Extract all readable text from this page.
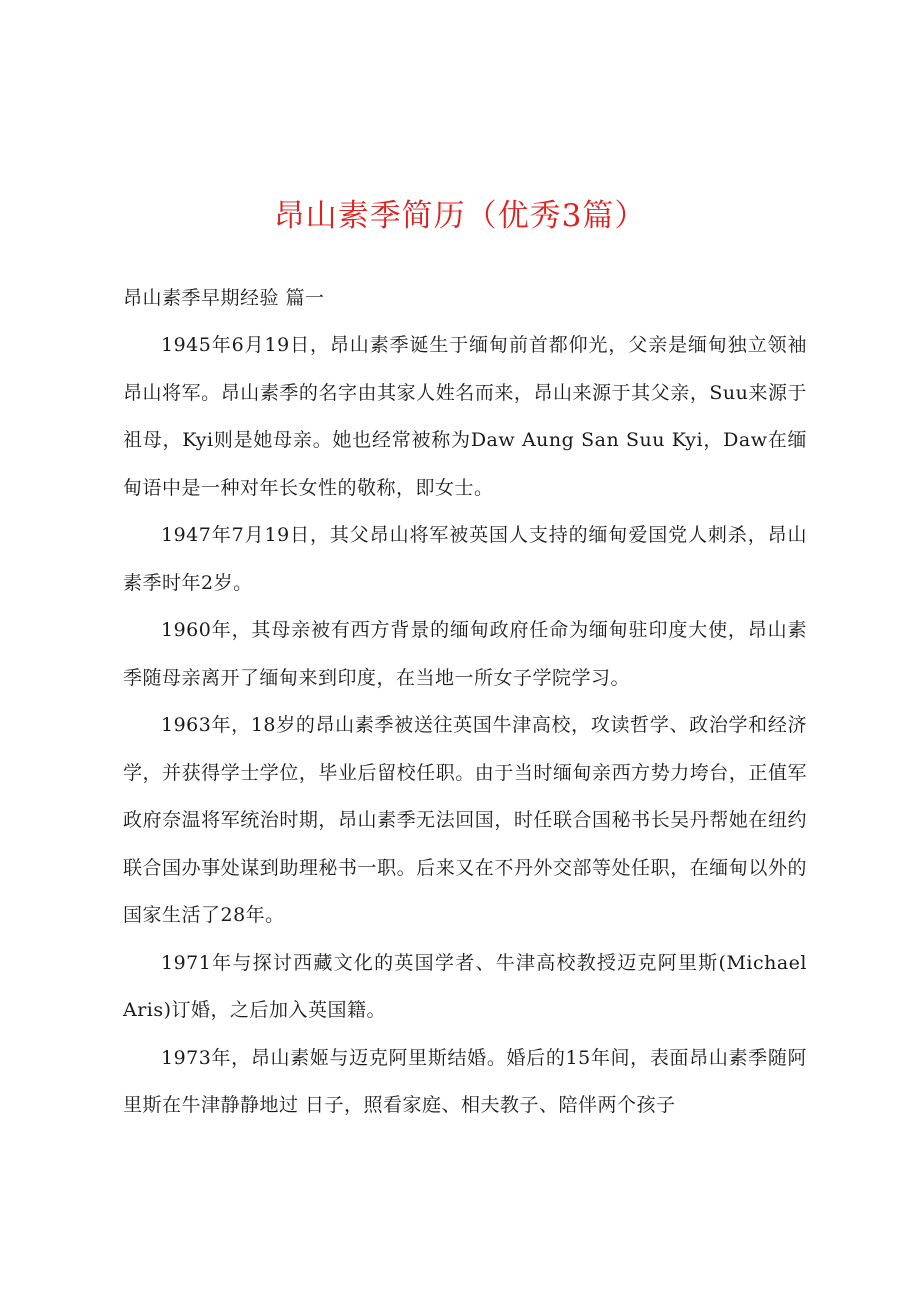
昂山素季简历（优秀3篇）
昂山素季早期经验 篇一

1945年6月19日，昂山素季诞生于缅甸前首都仰光，父亲是缅甸独立领袖昂山将军。昂山素季的名字由其家人姓名而来，昂山来源于其父亲，Suu来源于祖母，Kyi则是她母亲。她也经常被称为Daw Aung San Suu Kyi，Daw在缅甸语中是一种对年长女性的敬称，即女士。

1947年7月19日，其父昂山将军被英国人支持的缅甸爱国党人刺杀，昂山素季时年2岁。

1960年，其母亲被有西方背景的缅甸政府任命为缅甸驻印度大使，昂山素季随母亲离开了缅甸来到印度，在当地一所女子学院学习。

1963年，18岁的昂山素季被送往英国牛津高校，攻读哲学、政治学和经济学，并获得学士学位，毕业后留校任职。由于当时缅甸亲西方势力垮台，正值军政府奈温将军统治时期，昂山素季无法回国，时任联合国秘书长吴丹帮她在纽约联合国办事处谋到助理秘书一职。后来又在不丹外交部等处任职，在缅甸以外的国家生活了28年。

1971年与探讨西藏文化的英国学者、牛津高校教授迈克阿里斯(Michael Aris)订婚，之后加入英国籍。

1973年，昂山素姬与迈克阿里斯结婚。婚后的15年间，表面昂山素季随阿里斯在牛津静静地过 日子，照看家庭、相夫教子、陪伴两个孩子
